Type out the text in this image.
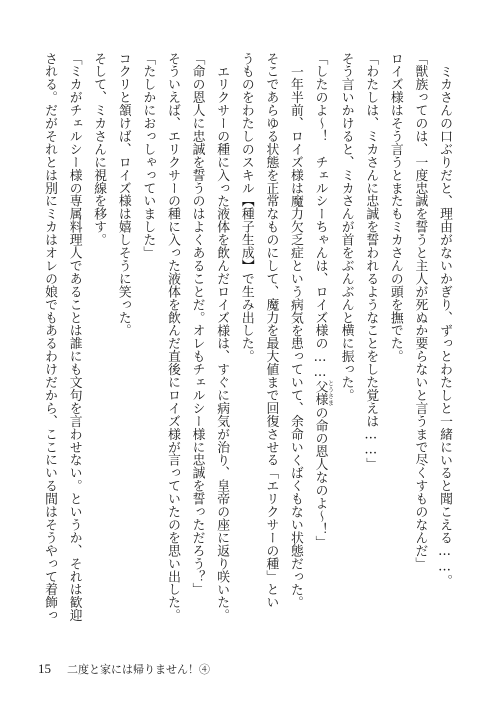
ミカさんの口ぶりだと、理由がないかぎり、ずっとわたしと一緒にいると聞こえる……。

「獣族ってのは、一度忠誠を誓うと主人が死ぬか要らないと言うまで尽くすものなんだ」

ロイズ様はそう言うとまたもミカさんの頭を撫でた。

「わたしは、ミカさんに忠誠を誓われるようなことをした覚えは……」

そう言いかけると、ミカさんが首をぶんぶんと横に振った。

「したのよ～！　チェルシーちゃんは、ロイズ様の……父様 とうさまの命の恩人なのよ～！」

一年半前、ロイズ様は魔力欠乏症という病気を患っていて、余命いくばくもない状態だった。

そこであらゆる状態を正常なものにして、魔力を最大値まで回復させる「エリクサーの種」とい

うものをわたしのスキル【種子生成】で生み出した。

エリクサーの種に入った液体を飲んだロイズ様は、すぐに病気が治り、皇帝の座に返り咲いた。

「命の恩人に忠誠を誓うのはよくあることだ。オレもチェルシー様に忠誠を誓っただろう？」

そういえば、エリクサーの種に入った液体を飲んだ直後にロイズ様が言っていたのを思い出した。

「たしかにおっしゃっていました」

コクリと頷けば、ロイズ様は嬉しそうに笑った。

そして、ミカさんに視線を移す。

「ミカがチェルシー様の専属料理人であることは誰にも文句を言わせない。というか、それは歓迎

される。だがそれとは別にミカはオレの娘でもあるわけだから、ここにいる間はそうやって着飾っ

15 二度と家には帰りません！④
